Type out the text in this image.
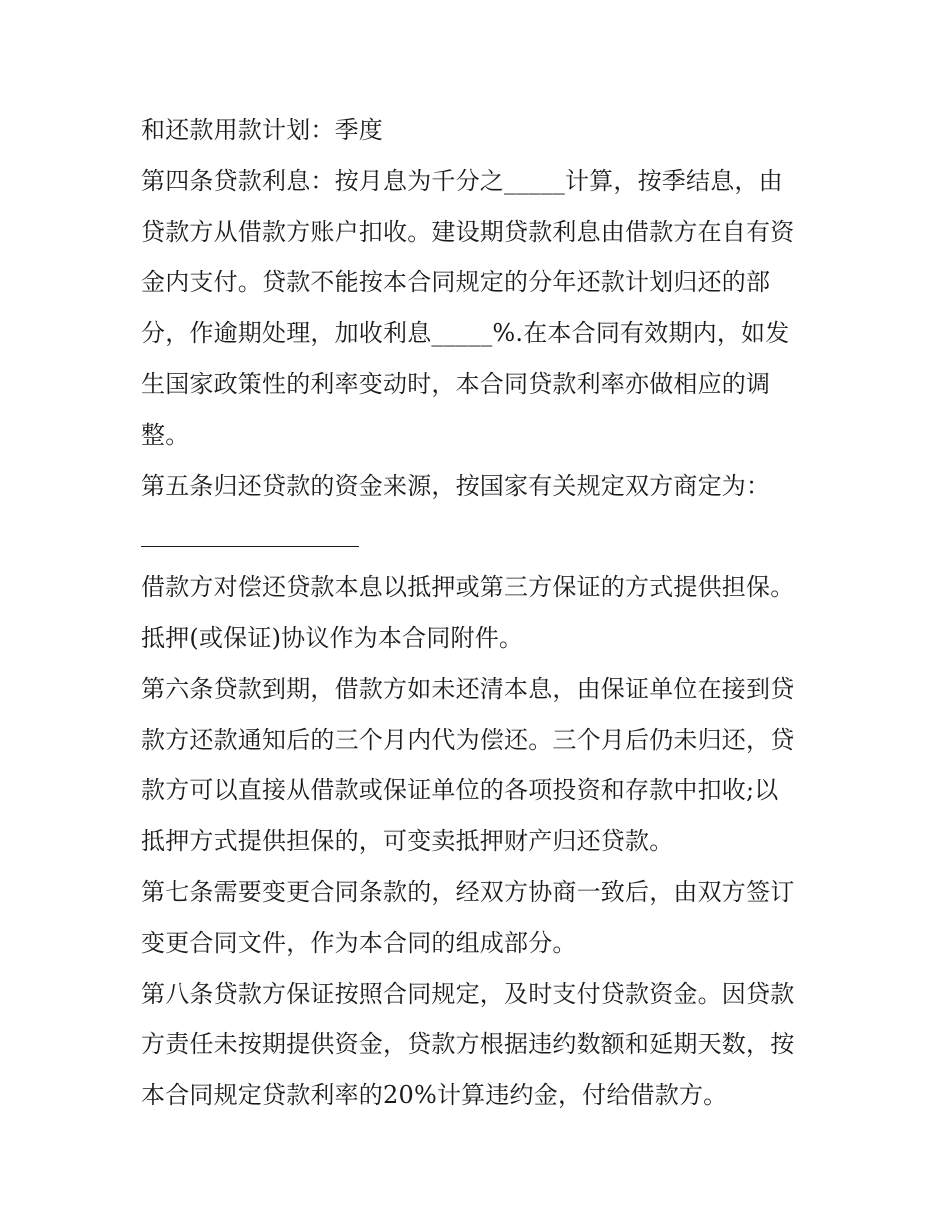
和还款用款计划：季度
第四条贷款利息：按月息为千分之_____计算，按季结息，由
贷款方从借款方账户扣收。建设期贷款利息由借款方在自有资
金内支付。贷款不能按本合同规定的分年还款计划归还的部
分，作逾期处理，加收利息_____%.在本合同有效期内，如发
生国家政策性的利率变动时，本合同贷款利率亦做相应的调
整。
第五条归还贷款的资金来源，按国家有关规定双方商定为：
借款方对偿还贷款本息以抵押或第三方保证的方式提供担保。
抵押(或保证)协议作为本合同附件。
第六条贷款到期，借款方如未还清本息，由保证单位在接到贷
款方还款通知后的三个月内代为偿还。三个月后仍未归还，贷
款方可以直接从借款或保证单位的各项投资和存款中扣收;以
抵押方式提供担保的，可变卖抵押财产归还贷款。
第七条需要变更合同条款的，经双方协商一致后，由双方签订
变更合同文件，作为本合同的组成部分。
第八条贷款方保证按照合同规定，及时支付贷款资金。因贷款
方责任未按期提供资金，贷款方根据违约数额和延期天数，按
本合同规定贷款利率的20%计算违约金，付给借款方。
